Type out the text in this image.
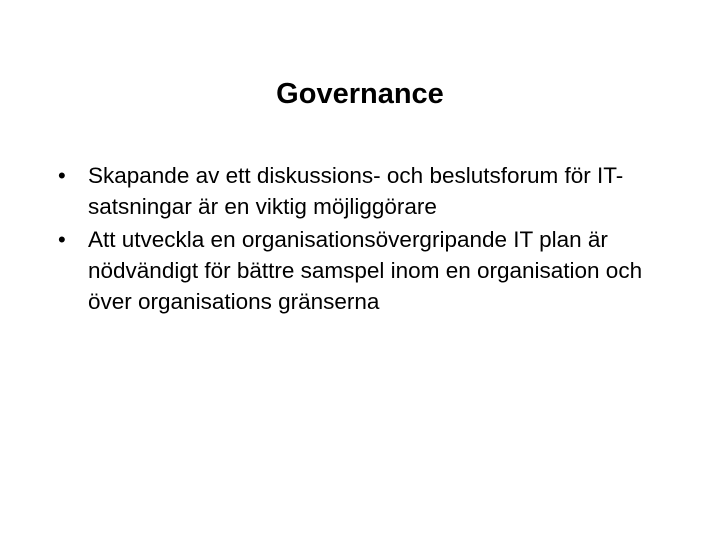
Governance
• Skapande av ett diskussions- och beslutsforum för IT-satsningar är en viktig möjliggörare
• Att utveckla en organisationsövergripande IT plan är nödvändigt för bättre samspel inom en organisation och över organisations gränserna
